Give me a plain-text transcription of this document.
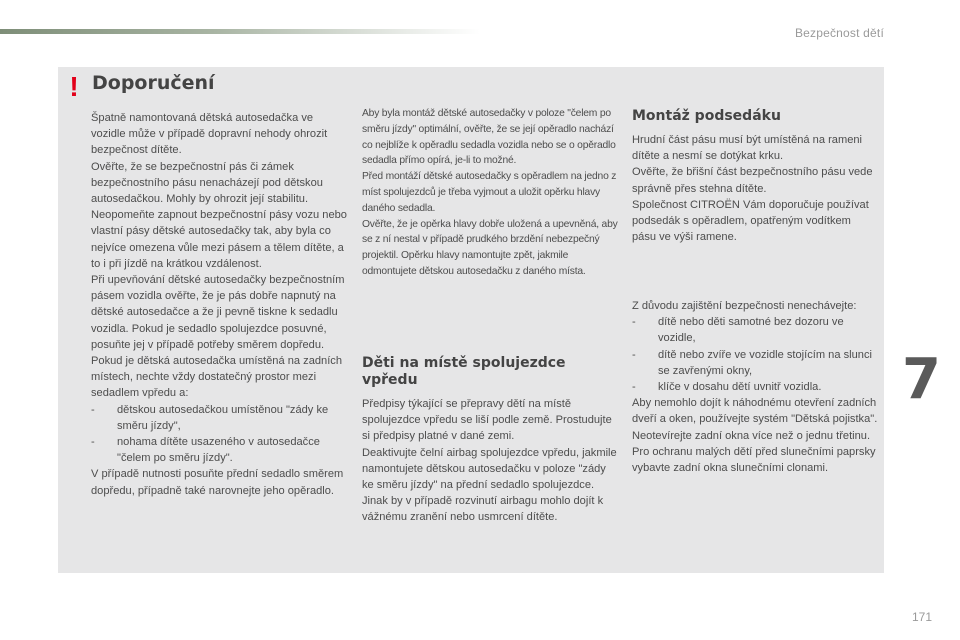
Bezpečnost dětí
7
171
! Doporučení

Špatně namontovaná dětská autosedačka ve vozidle může v případě dopravní nehody ohrozit bezpečnost dítěte.

Ověřte, že se bezpečnostní pás či zámek bezpečnostního pásu nenacházejí pod dětskou autosedačkou. Mohly by ohrozit její stabilitu.

Neopomeňte zapnout bezpečnostní pásy vozu nebo vlastní pásy dětské autosedačky tak, aby byla co nejvíce omezena vůle mezi pásem a tělem dítěte, a to i při jízdě na krátkou vzdálenost.

Při upevňování dětské autosedačky bezpečnostním pásem vozidla ověřte, že je pás dobře napnutý na dětské autosedačce a že ji pevně tiskne k sedadlu vozidla. Pokud je sedadlo spolujezdce posuvné, posuňte jej v případě potřeby směrem dopředu.

Pokud je dětská autosedačka umístěná na zadních místech, nechte vždy dostatečný prostor mezi sedadlem vpředu a:

- dětskou autosedačkou umístěnou "zády ke směru jízdy",
- nohama dítěte usazeného v autosedačce "čelem po směru jízdy".

V případě nutnosti posuňte přední sedadlo směrem dopředu, případně také narovnejte jeho opěradlo.

Aby byla montáž dětské autosedačky v poloze "čelem po směru jízdy" optimální, ověřte, že se její opěradlo nachází co nejblíže k opěradlu sedadla vozidla nebo se o opěradlo sedadla přímo opírá, je-li to možné.

Před montáží dětské autosedačky s opěradlem na jedno z míst spolujezdců je třeba vyjmout a uložit opěrku hlavy daného sedadla.

Ověřte, že je opěrka hlavy dobře uložená a upevněná, aby se z ní nestal v případě prudkého brzdění nebezpečný projektil. Opěrku hlavy namontujte zpět, jakmile odmontujete dětskou autosedačku z daného místa.

Děti na místě spolujezdce vpředu

Předpisy týkající se přepravy dětí na místě spolujezdce vpředu se liší podle země. Prostudujte si předpisy platné v dané zemi.

Deaktivujte čelní airbag spolujezdce vpředu, jakmile namontujete dětskou autosedačku v poloze "zády ke směru jízdy" na přední sedadlo spolujezdce.

Jinak by v případě rozvinutí airbagu mohlo dojít k vážnému zranění nebo usmrcení dítěte.

Montáž podsedáku

Hrudní část pásu musí být umístěná na rameni dítěte a nesmí se dotýkat krku.

Ověřte, že břišní část bezpečnostního pásu vede správně přes stehna dítěte.

Společnost CITROËN Vám doporučuje používat podsedák s opěradlem, opatřeným vodítkem pásu ve výši ramene.

Z důvodu zajištění bezpečnosti nenechávejte:

- dítě nebo děti samotné bez dozoru ve vozidle,
- dítě nebo zvíře ve vozidle stojícím na slunci se zavřenými okny,
- klíče v dosahu dětí uvnitř vozidla.

Aby nemohlo dojít k náhodnému otevření zadních dveří a oken, používejte systém "Dětská pojistka".

Neotevírejte zadní okna více než o jednu třetinu.

Pro ochranu malých dětí před slunečními paprsky vybavte zadní okna slunečními clonami.
